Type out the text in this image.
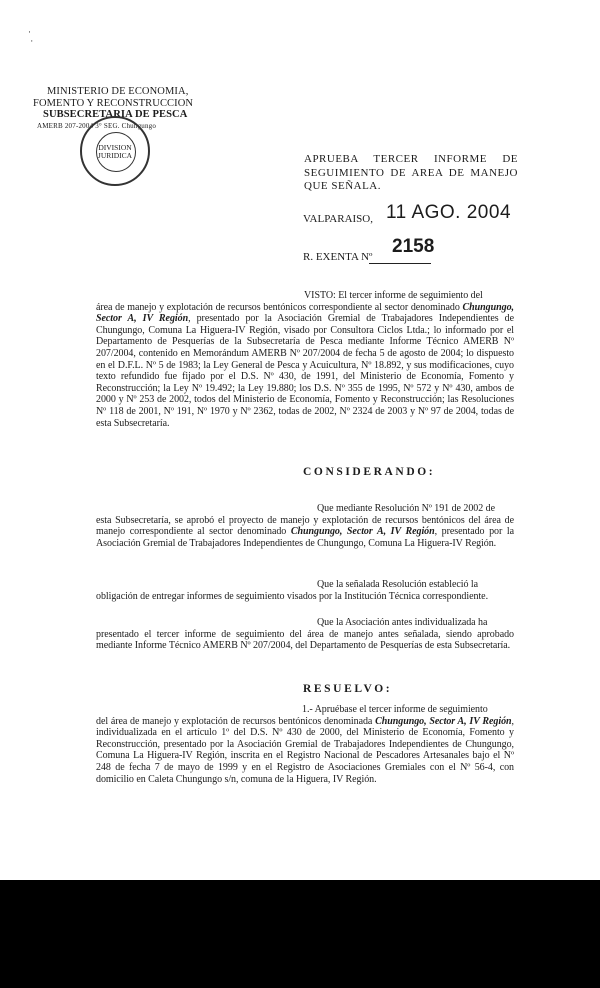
·
·
MINISTERIO DE ECONOMIA,
FOMENTO Y RECONSTRUCCION
SUBSECRETARIA DE PESCA
AMERB 207-2004 3° SEG. Chungungo
DIVISION
JURIDICA	APRUEBA TERCER INFORME DE SEGUIMIENTO DE AREA DE MANEJO QUE SEÑALA.
VALPARAISO, 11 AGO. 2004
R. EXENTA Nº 2158
VISTO: El tercer informe de seguimiento del
área de manejo y explotación de recursos bentónicos correspondiente al sector denominado Chungungo, Sector A, IV Región, presentado por la Asociación Gremial de Trabajadores Independientes de Chungungo, Comuna La Higuera-IV Región, visado por Consultora Ciclos Ltda.; lo informado por el Departamento de Pesquerías de la Subsecretaría de Pesca mediante Informe Técnico AMERB Nº 207/2004, contenido en Memorándum AMERB Nº 207/2004 de fecha 5 de agosto de 2004; lo dispuesto en el D.F.L. Nº 5 de 1983; la Ley General de Pesca y Acuicultura, Nº 18.892, y sus modificaciones, cuyo texto refundido fue fijado por el D.S. Nº 430, de 1991, del Ministerio de Economía, Fomento y Reconstrucción; la Ley Nº 19.492; la Ley 19.880; los D.S. Nº 355 de 1995, Nº 572 y Nº 430, ambos de 2000 y Nº 253 de 2002, todos del Ministerio de Economía, Fomento y Reconstrucción; las Resoluciones Nº 118 de 2001, Nº 191, Nº 1970 y Nº 2362, todas de 2002, Nº 2324 de 2003 y Nº 97 de 2004, todas de esta Subsecretaría.
CONSIDERANDO:
Que mediante Resolución Nº 191 de 2002 de
esta Subsecretaría, se aprobó el proyecto de manejo y explotación de recursos bentónicos del área de manejo correspondiente al sector denominado Chungungo, Sector A, IV Región, presentado por la Asociación Gremial de Trabajadores Independientes de Chungungo, Comuna La Higuera-IV Región.
Que la señalada Resolución estableció la
obligación de entregar informes de seguimiento visados por la Institución Técnica correspondiente.
Que la Asociación antes individualizada ha
presentado el tercer informe de seguimiento del área de manejo antes señalada, siendo aprobado mediante Informe Técnico AMERB Nº 207/2004, del Departamento de Pesquerías de esta Subsecretaría.
RESUELVO:
1.- Apruébase el tercer informe de seguimiento
del área de manejo y explotación de recursos bentónicos denominada Chungungo, Sector A, IV Región, individualizada en el artículo 1º del D.S. Nº 430 de 2000, del Ministerio de Economía, Fomento y Reconstrucción, presentado por la Asociación Gremial de Trabajadores Independientes de Chungungo, Comuna La Higuera-IV Región, inscrita en el Registro Nacional de Pescadores Artesanales bajo el Nº 248 de fecha 7 de mayo de 1999 y en el Registro de Asociaciones Gremiales con el Nº 56-4, con domicilio en Caleta Chungungo s/n, comuna de la Higuera, IV Región.
